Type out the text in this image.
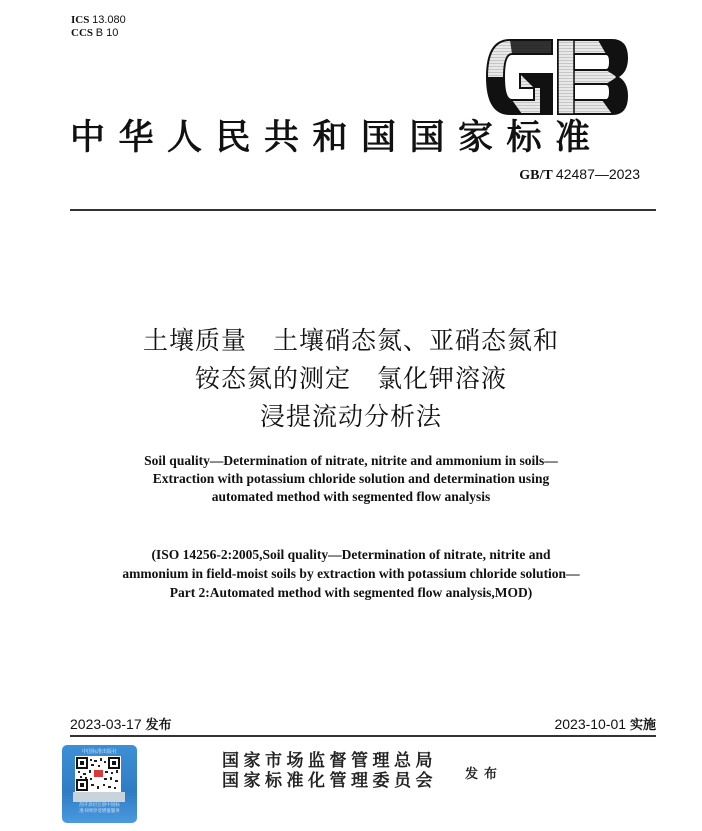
ICS 13.080
CCS B 10
中华人民共和国国家标准
GB/T 42487—2023
土壤质量　土壤硝态氮、亚硝态氮和
铵态氮的测定　氯化钾溶液
浸提流动分析法
Soil quality—Determination of nitrate, nitrite and ammonium in soils—
Extraction with potassium chloride solution and determination using
automated method with segmented flow analysis
(ISO 14256-2:2005,Soil quality—Determination of nitrate, nitrite and
ammonium in field-moist soils by extraction with potassium chloride solution—
Part 2:Automated method with segmented flow analysis,MOD)
2023-03-17 发布	2023-10-01 实施
中国标准出版社
刮开涂层注册中国标
准书网享受增值服务
国家市场监督管理总局
国家标准化管理委员会 发布
